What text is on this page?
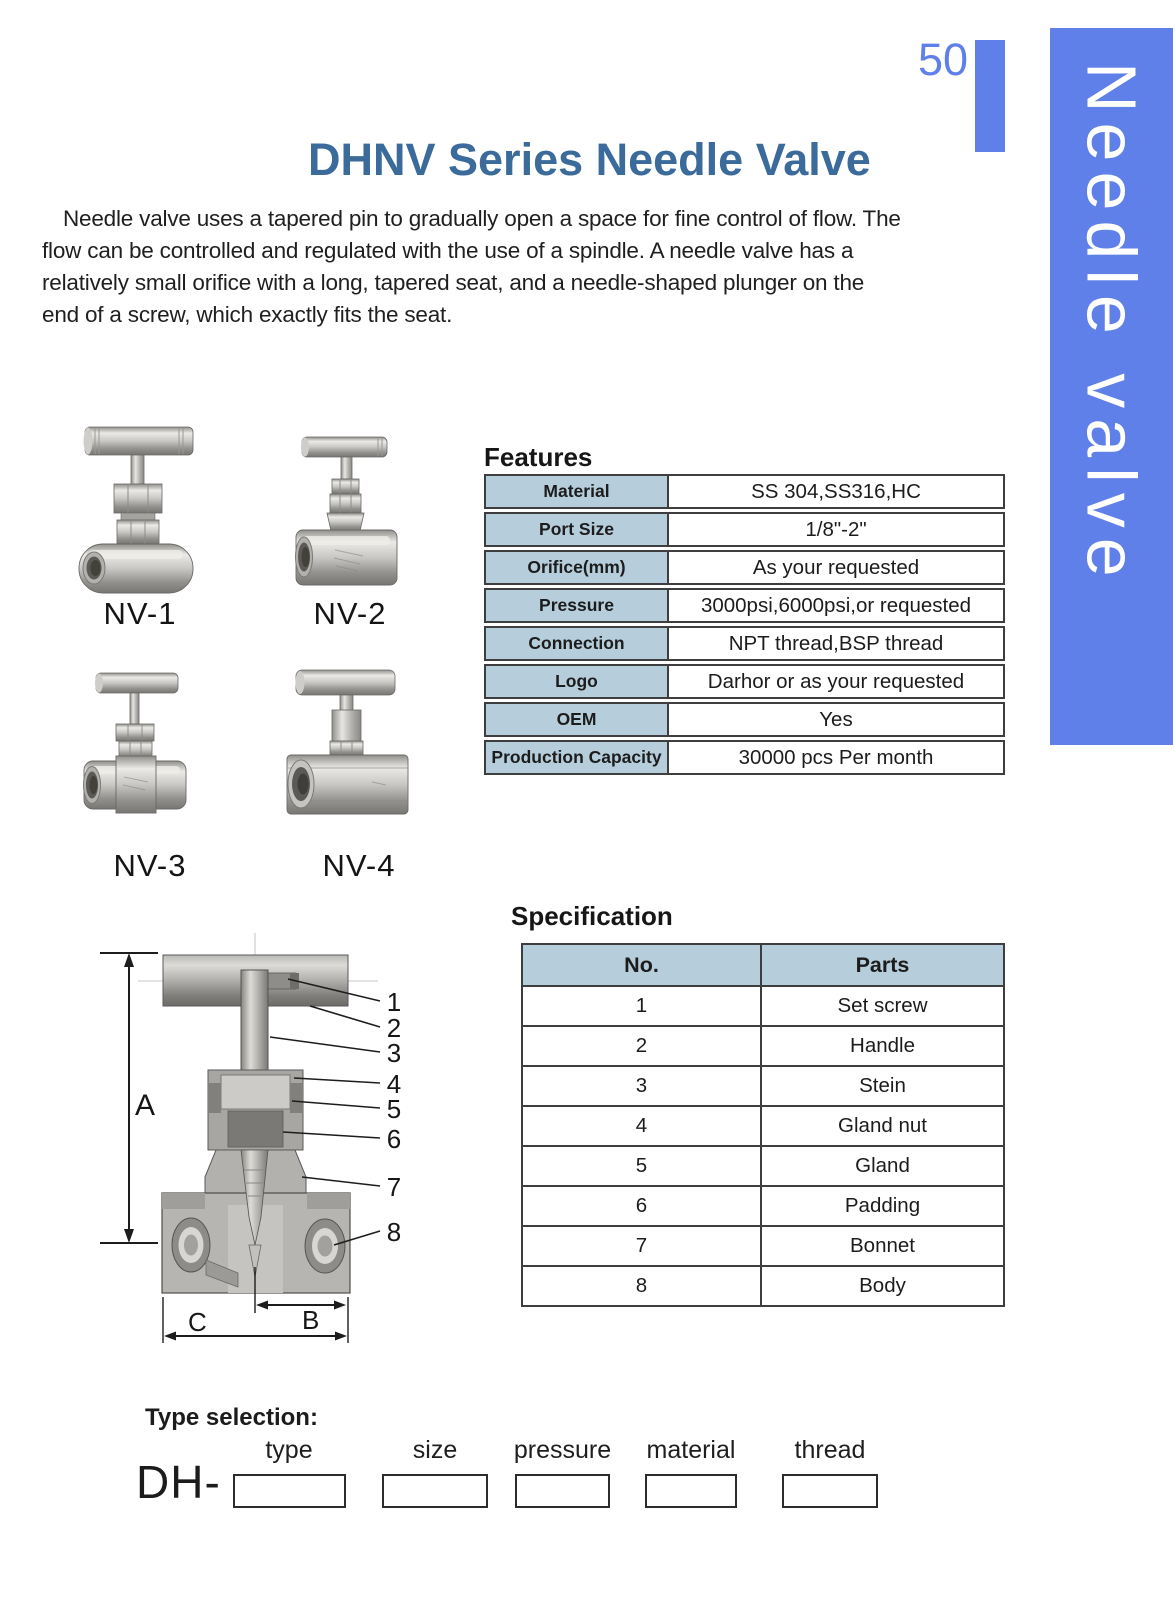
50
Needle valve
DHNV Series Needle Valve
Needle valve uses a tapered pin to gradually open a space for fine control of flow. The
flow can be controlled and regulated with the use of a spindle. A needle valve has a
relatively small orifice with a long, tapered seat, and a needle-shaped plunger on the
end of a screw, which exactly fits the seat.
NV-1	NV-2
NV-3	NV-4
Features
Material	SS 304,SS316,HC
Port Size	1/8"-2"
Orifice(mm)	As your requested
Pressure	3000psi,6000psi,or requested
Connection	NPT thread,BSP thread
Logo	Darhor or as your requested
OEM	Yes
Production Capacity	30000 pcs Per month
Specification
No.	Parts
1	Set screw
2	Handle
3	Stein
4	Gland nut
5	Gland
6	Padding
7	Bonnet
8	Body
A
1
2
3
4
5
6
7
8
B
C
Type selection:
DH-
type	size	pressure material	thread
